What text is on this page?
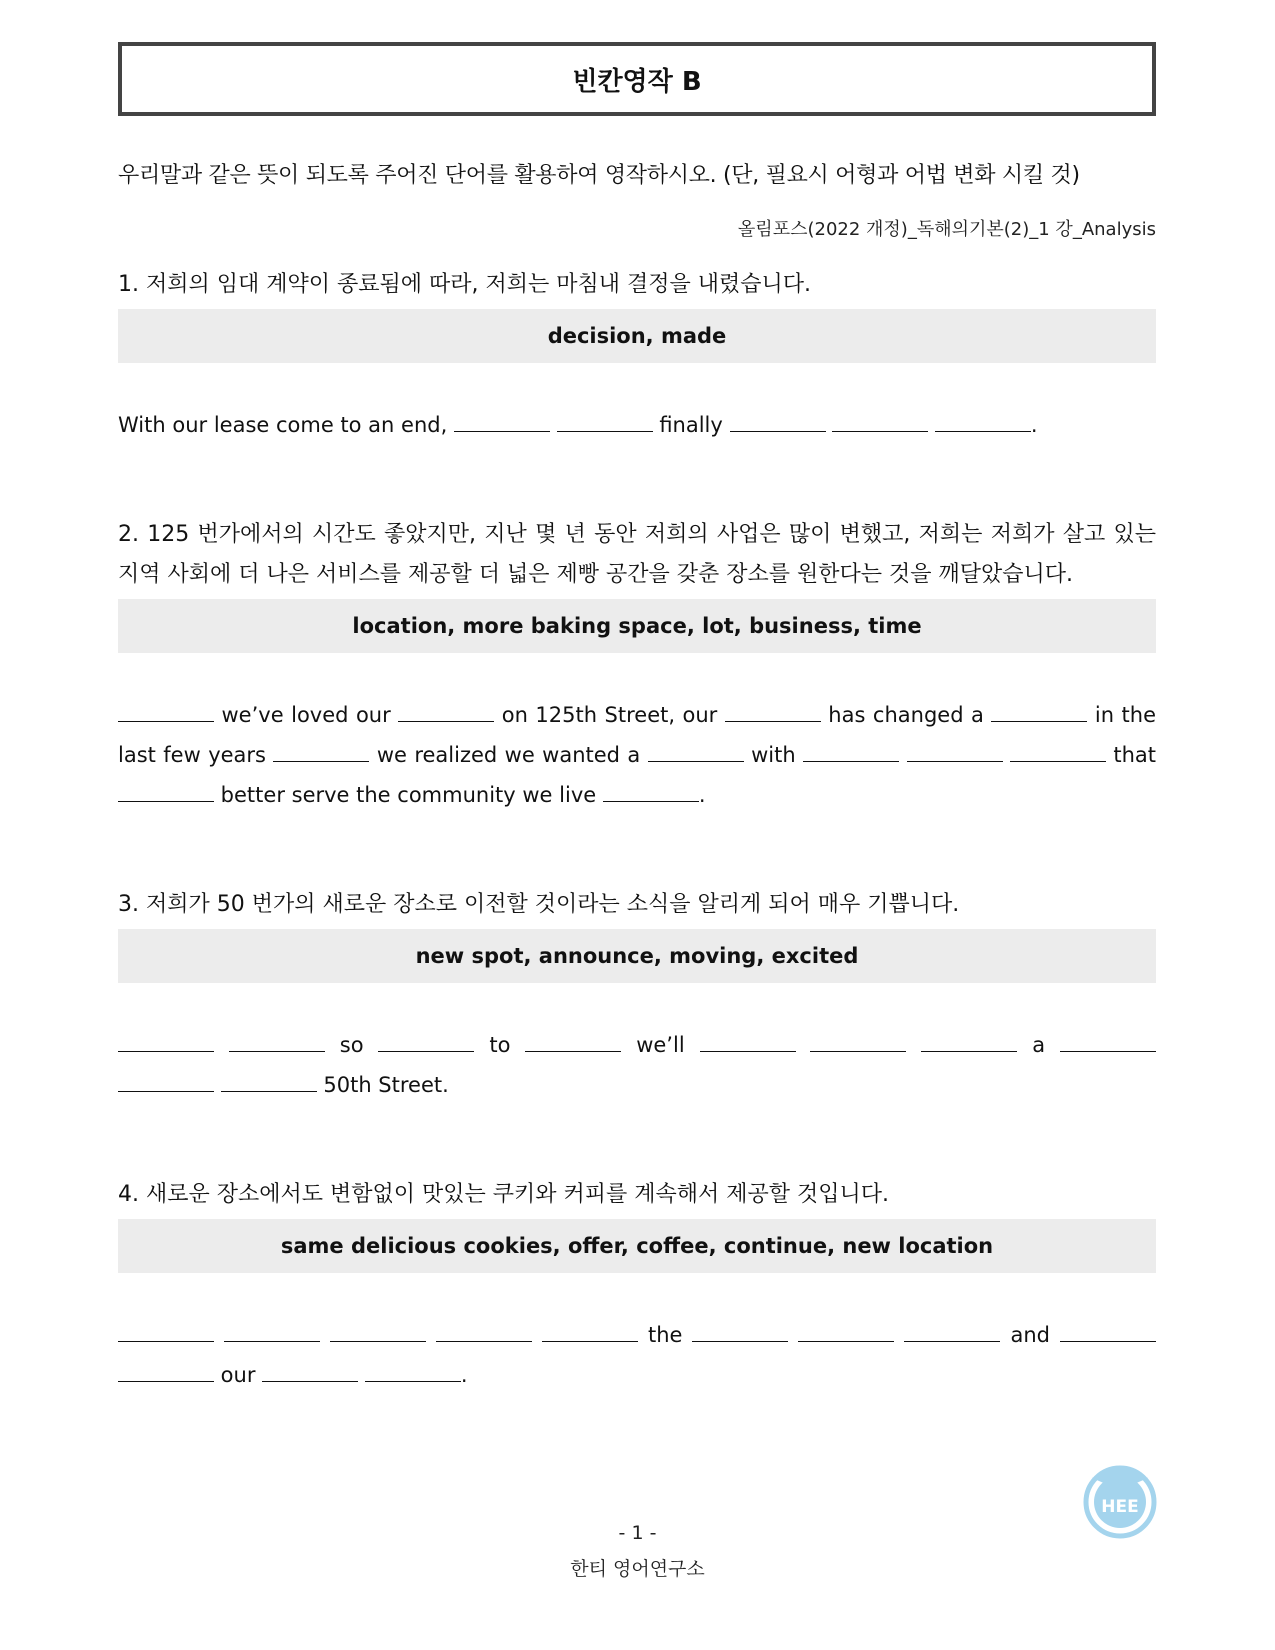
빈칸영작 B
우리말과 같은 뜻이 되도록 주어진 단어를 활용하여 영작하시오. (단, 필요시 어형과 어법 변화 시킬 것)
올림포스(2022 개정)_독해의기본(2)_1 강_Analysis
1. 저희의 임대 계약이 종료됨에 따라, 저희는 마침내 결정을 내렸습니다.
decision, made
With our lease come to an end,	finally	.
2. 125 번가에서의 시간도 좋았지만, 지난 몇 년 동안 저희의 사업은 많이 변했고, 저희는 저희가 살고 있는 지역 사회에 더 나은 서비스를 제공할 더 넓은 제빵 공간을 갖춘 장소를 원한다는 것을 깨달았습니다.
location, more baking space, lot, business, time
we’ve loved our	on 125th Street, our	has changed a	in the last few years	we realized we wanted a	with	that  better serve the community we live	.
3. 저희가 50 번가의 새로운 장소로 이전할 것이라는 소식을 알리게 되어 매우 기쁩니다.
new spot, announce, moving, excited
so	to	we’ll	a    50th Street.
4. 새로운 장소에서도 변함없이 맛있는 쿠키와 커피를 계속해서 제공할 것입니다.
same delicious cookies, offer, coffee, continue, new location
the	and   our	.
- 1 -
한티 영어연구소
HEE
